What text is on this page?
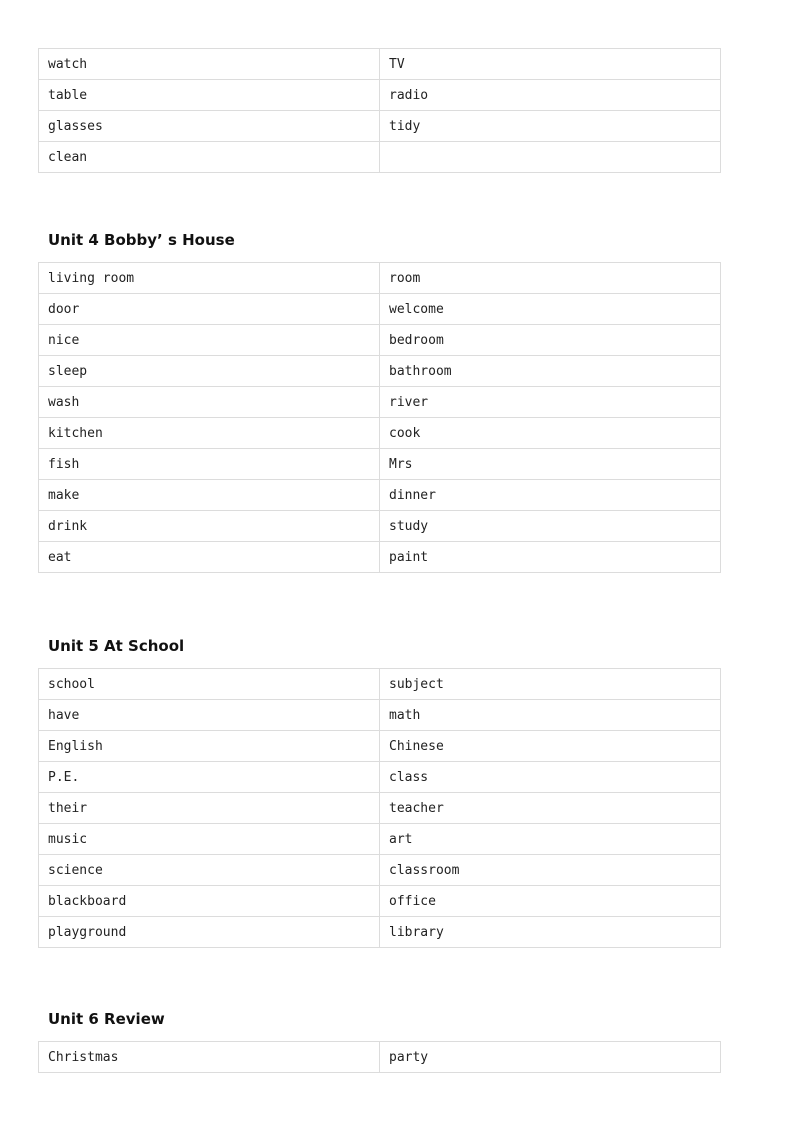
watch	TV
table	radio
glasses	tidy
clean	
Unit 4 Bobby’ s House
living room	room
door	welcome
nice	bedroom
sleep	bathroom
wash	river
kitchen	cook
fish	Mrs
make	dinner
drink	study
eat	paint
Unit 5 At School
school	subject
have	math
English	Chinese
P.E.	class
their	teacher
music	art
science	classroom
blackboard	office
playground	library
Unit 6 Review
Christmas	party
